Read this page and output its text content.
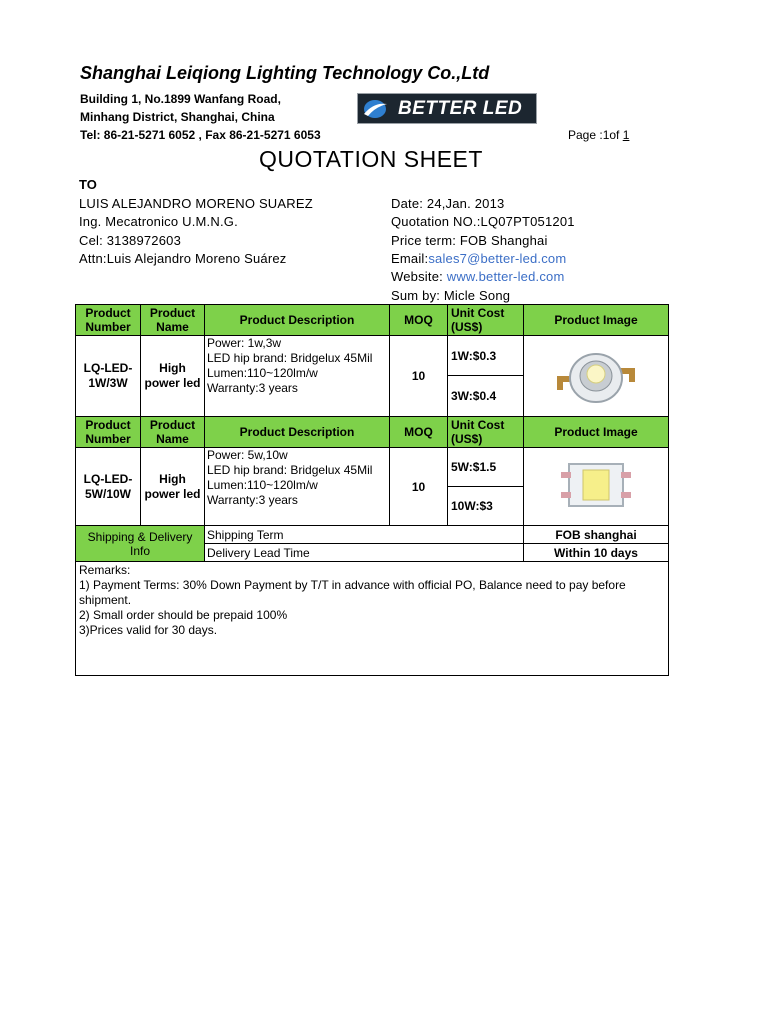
Shanghai Leiqiong Lighting Technology Co.,Ltd
Building 1, No.1899 Wanfang Road,
Minhang District, Shanghai, China
Tel: 86-21-5271 6052 , Fax 86-21-5271 6053
BETTER LED
Page :1of 1
QUOTATION SHEET
TO
LUIS ALEJANDRO MORENO SUAREZ
Ing. Mecatronico U.M.N.G.
Cel: 3138972603
Attn:Luis Alejandro Moreno Suárez
Date: 24,Jan. 2013
Quotation NO.:LQ07PT051201
Price term: FOB Shanghai
Email:sales7@better-led.com
Website: www.better-led.com
Sum by: Micle Song
Product Number	Product Name	Product Description	MOQ	Unit Cost (US$)	Product Image
LQ-LED-1W/3W	High power led	Power: 1w,3w
LED hip brand: Bridgelux 45Mil
Lumen:110~120lm/w
Warranty:3 years	10	1W:$0.3	
				3W:$0.4	
Product Number	Product Name	Product Description	MOQ	Unit Cost (US$)	Product Image
LQ-LED-5W/10W	High power led	Power: 5w,10w
LED hip brand: Bridgelux 45Mil
Lumen:110~120lm/w
Warranty:3 years	10	5W:$1.5	
				10W:$3	
Shipping & Delivery Info		Shipping Term			FOB shanghai
		Delivery Lead Time			Within 10 days

Remarks:
1) Payment Terms: 30% Down Payment by T/T in advance with official PO, Balance need to pay before shipment.
2) Small order should be prepaid 100%
3)Prices valid for 30 days.					
